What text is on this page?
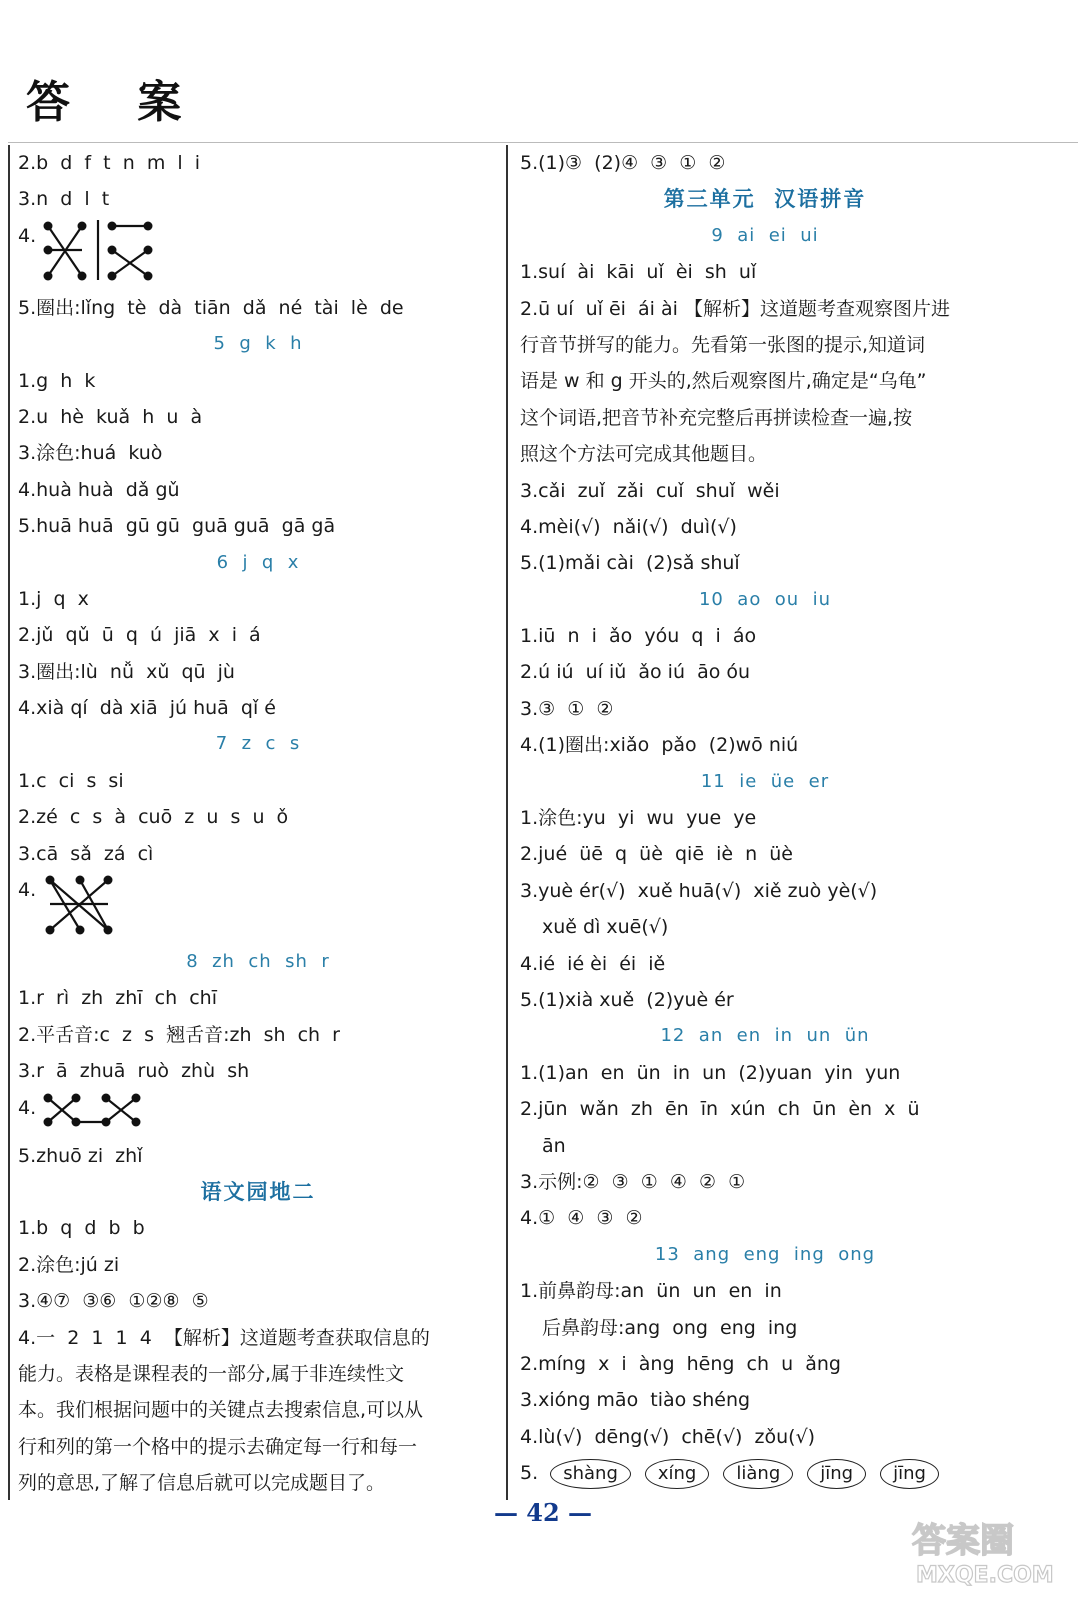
答 案
2.b  d  f  t  n  m  l  i
3.n  d  l  t
4.
5.圈出:lǐng  tè  dà  tiān  dǎ  né  tài  lè  de
5  g  k  h
1.g  h  k
2.u  hè  kuǎ  h  u  à
3.涂色:huá  kuò
4.huà huà  dǎ gǔ
5.huā huā  gū gū  guā guā  gā gā
6  j  q  x
1.j  q  x
2.jǔ  qǔ  ū  q  ú  jiā  x  i  á
3.圈出:lù  nǚ  xǔ  qū  jù
4.xià qí  dà xiā  jú huā  qǐ é
7  z  c  s
1.c  ci  s  si
2.zé  c  s  à  cuō  z  u  s  u  ǒ
3.cā  sǎ  zá  cì
4.
8  zh  ch  sh  r
1.r  rì  zh  zhī  ch  chī
2.平舌音:c  z  s  翘舌音:zh  sh  ch  r
3.r  ā  zhuā  ruò  zhù  sh
4.
5.zhuō zi  zhǐ
语文园地二
1.b  q  d  b  b
2.涂色:jú zi
3.④⑦  ③⑥  ①②⑧  ⑤
4.一  2  1  1  4  【解析】这道题考查获取信息的
能力。表格是课程表的一部分,属于非连续性文
本。我们根据问题中的关键点去搜索信息,可以从
行和列的第一个格中的提示去确定每一行和每一
列的意思,了解了信息后就可以完成题目了。
5.(1)③  (2)④  ③  ①  ②
第三单元  汉语拼音
9  ai  ei  ui
1.suí  ài  kāi  uǐ  èi  sh  uǐ
2.ū uí  uǐ ēi  ái ài 【解析】这道题考查观察图片进
行音节拼写的能力。先看第一张图的提示,知道词
语是 w 和 g 开头的,然后观察图片,确定是“乌龟”
这个词语,把音节补充完整后再拼读检查一遍,按
照这个方法可完成其他题目。
3.cǎi  zuǐ  zǎi  cuǐ  shuǐ  wěi
4.mèi(√)  nǎi(√)  duì(√)
5.(1)mǎi cài  (2)sǎ shuǐ
10  ao  ou  iu
1.iū  n  i  ǎo  yóu  q  i  áo
2.ú iú  uí iǔ  ǎo iú  āo óu
3.③  ①  ②
4.(1)圈出:xiǎo  pǎo  (2)wō niú
11  ie  üe  er
1.涂色:yu  yi  wu  yue  ye
2.jué  üē  q  üè  qiē  iè  n  üè
3.yuè ér(√)  xuě huā(√)  xiě zuò yè(√)
xuě dì xuē(√)
4.ié  ié èi  éi  iě
5.(1)xià xuě  (2)yuè ér
12  an  en  in  un  ün
1.(1)an  en  ün  in  un  (2)yuan  yin  yun
2.jūn  wǎn  zh  ēn  īn  xún  ch  ūn  èn  x  ü
ān
3.示例:②  ③  ①  ④  ②  ①
4.①  ④  ③  ②
13  ang  eng  ing  ong
1.前鼻韵母:an  ün  un  en  in
后鼻韵母:ang  ong  eng  ing
2.míng  x  i  àng  hēng  ch  u  ǎng
3.xióng māo  tiào shéng
4.lù(√)  dēng(√)  chē(√)  zǒu(√)
5.  shàng xíng liàng jīng jīng
— 42 —
答案圈
MXQE.COM
